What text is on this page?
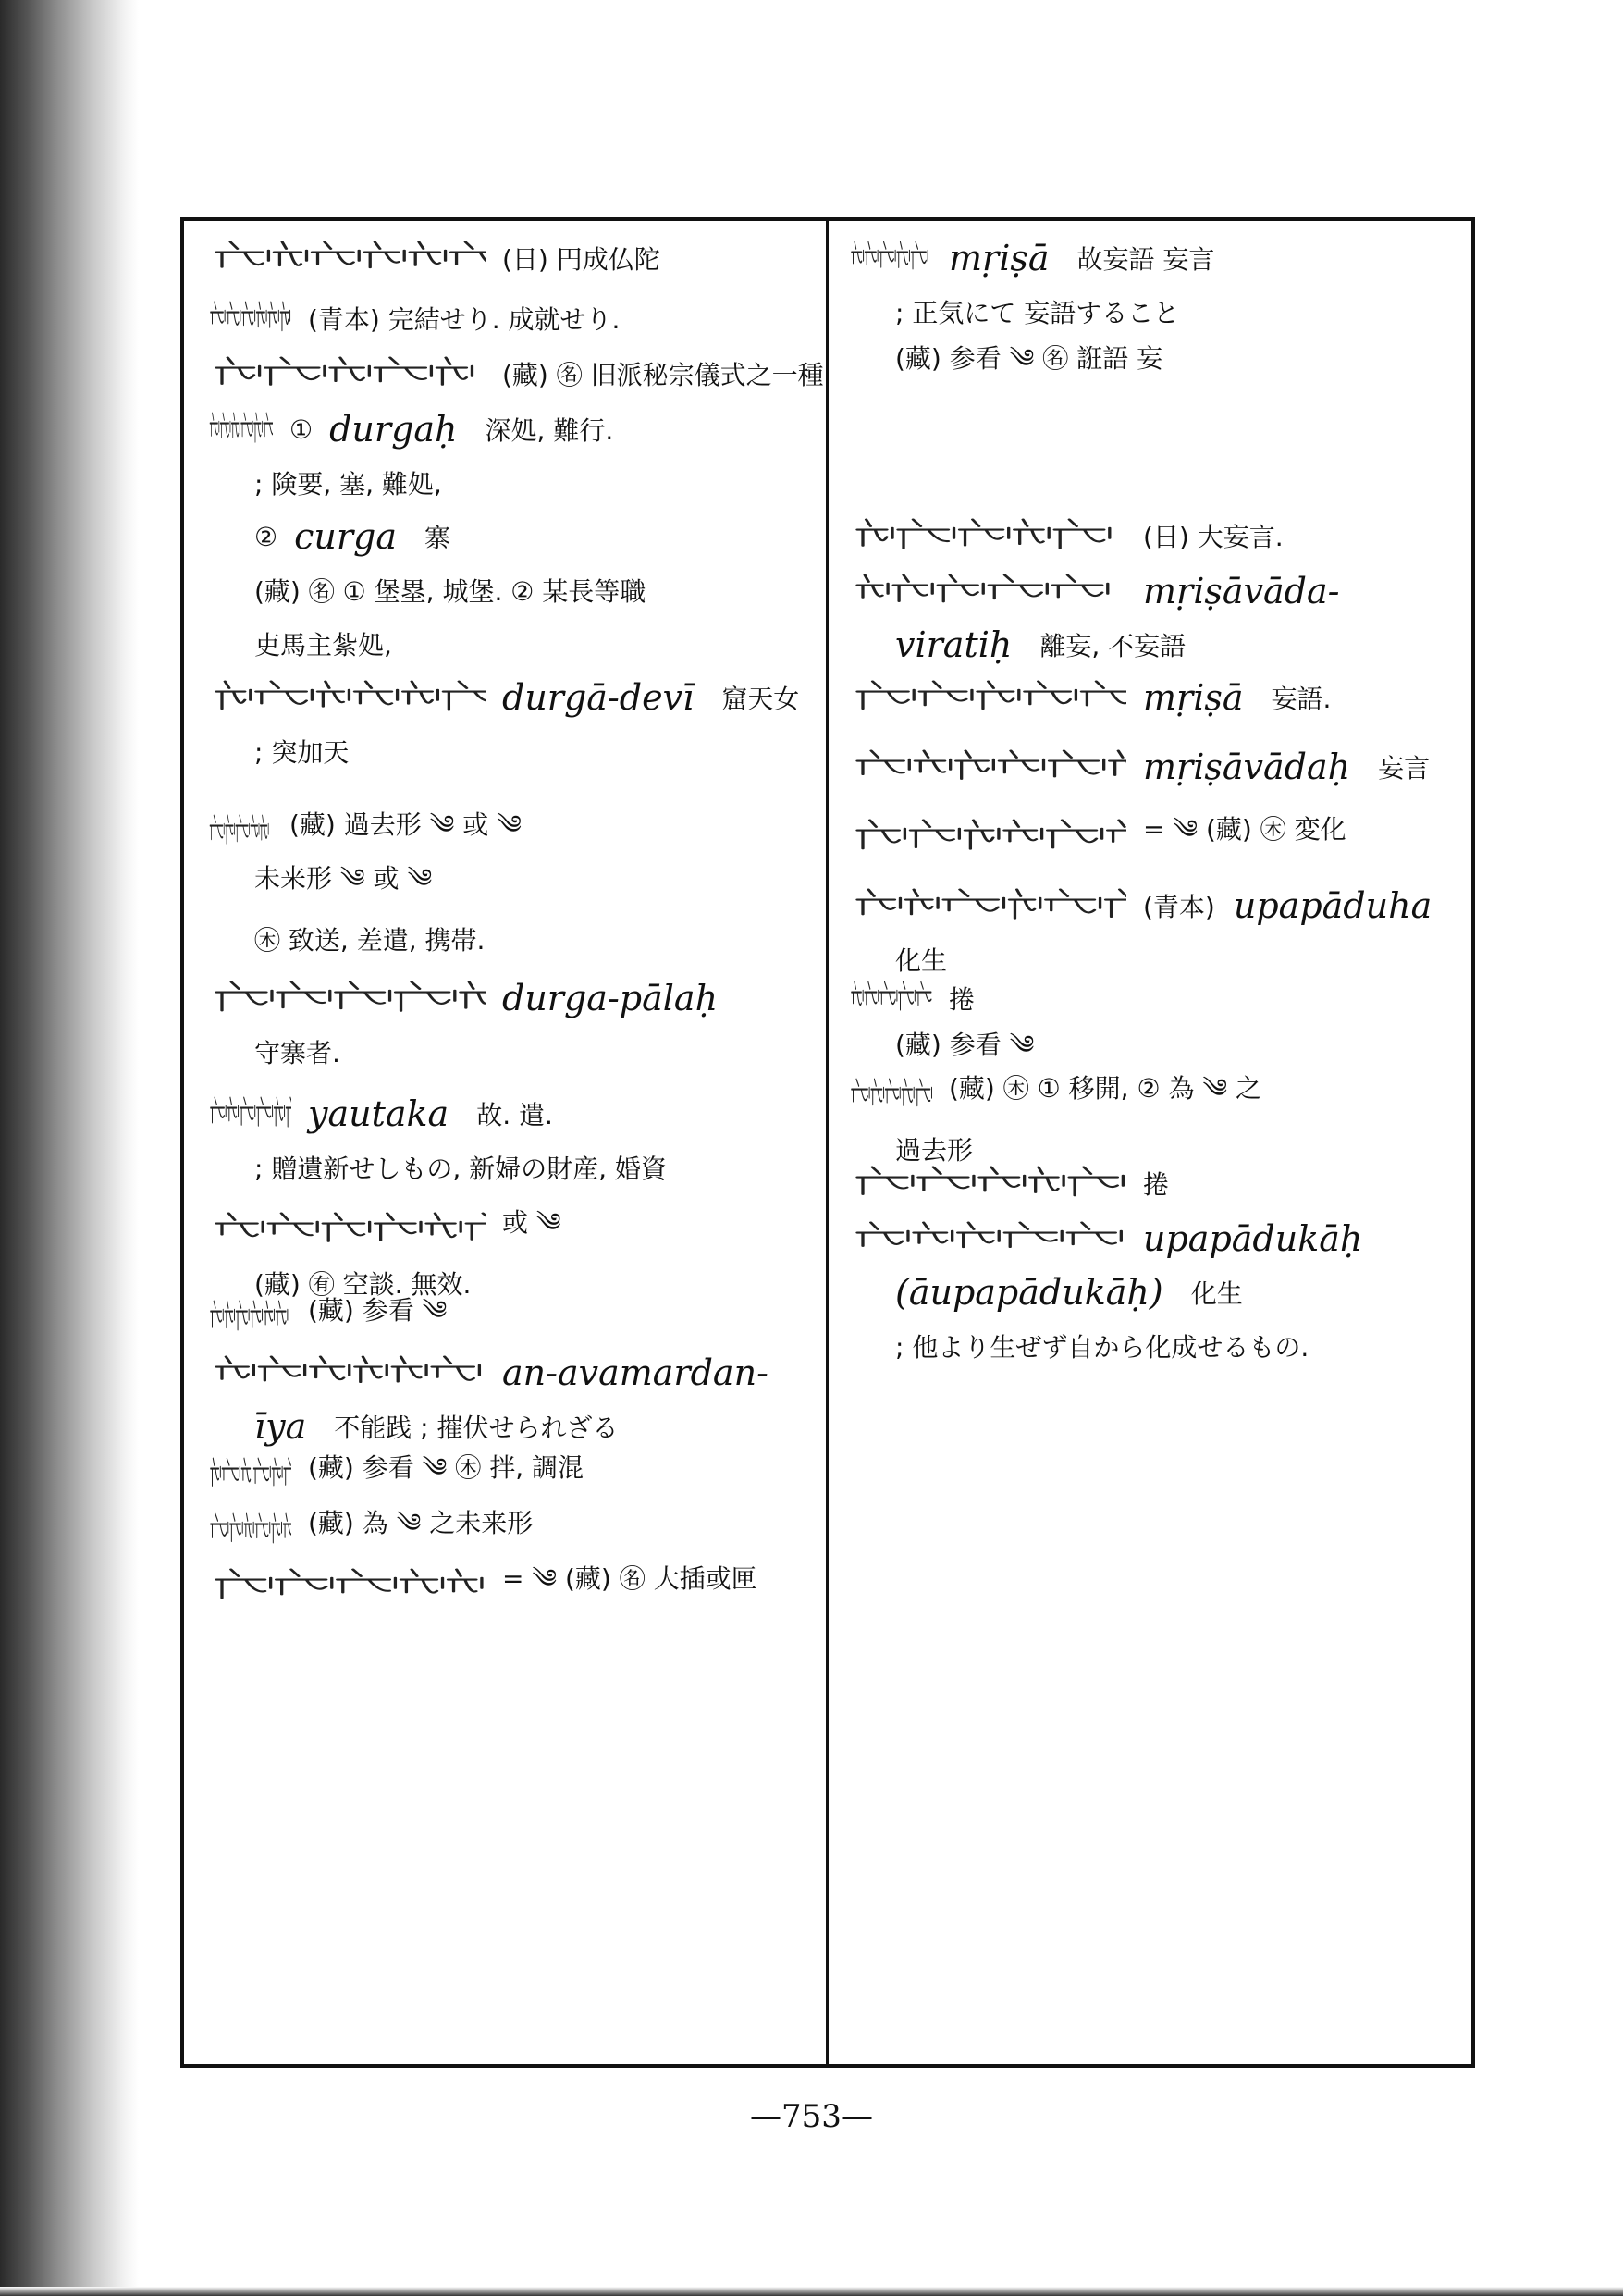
(日) 円成仏陀
(青本) 完結せり. 成就せり.
(藏) ㊔ 旧派秘宗儀式之一種
① durgaḥ 深処, 難行.
; 険要, 塞, 難処,
② curga 寨
(藏) ㊔ ① 堡塁, 城堡. ② 某長等職
吏馬主紮処,
durgā-devī 窟天女
; 突加天
(藏) 過去形 ༄ 或 ༄
未来形 ༄ 或 ༄
㊍ 致送, 差遣, 携帯.
durga-pālaḥ
守寨者.
yautaka 故. 遣.
; 贈遺新せしもの, 新婦の財産, 婚資
或 ༄
(藏) ㊒ 空談. 無效.
(藏) 参看 ༄
an-avamardan-
īya 不能践 ; 摧伏せられざる
(藏) 参看 ༄ ㊍ 拌, 調混
(藏) 為 ༄ 之未来形
= ༄ (藏) ㊔ 大插或匣
mṛiṣā 故妄語 妄言
; 正気にて 妄語すること
(藏) 参看 ༄ ㊔ 誑語 妄
(日) 大妄言.
mṛiṣāvāda-
viratiḥ 離妄, 不妄語
mṛiṣā 妄語.
mṛiṣāvādaḥ 妄言
= ༄ (藏) ㊍ 変化
(青本) upapāduha
化生
捲
(藏) 参看 ༄
(藏) ㊍ ① 移開, ② 為 ༄ 之
過去形
捲
upapādukāḥ
(āupapādukāḥ) 化生
; 他より生ぜず自から化成せるもの.
—753—
